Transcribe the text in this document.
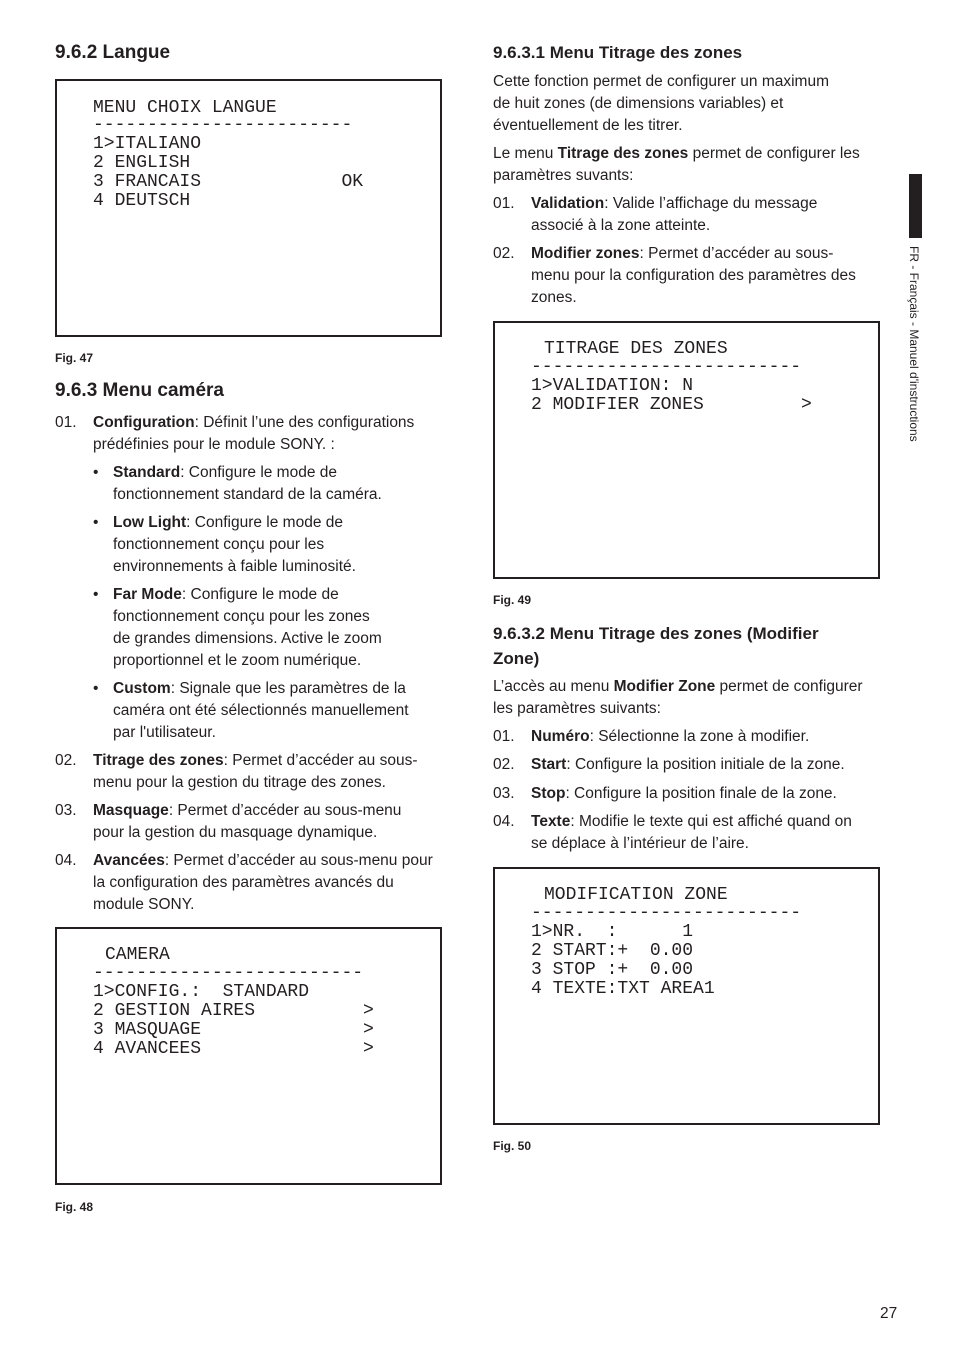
9.6.2 Langue
MENU CHOIX LANGUE
------------------------
1>ITALIANO
2 ENGLISH
3 FRANCAIS             OK
4 DEUTSCH
Fig. 47
9.6.3 Menu caméra
01. Configuration: Définit l’une des configurations
prédéfinies pour le module SONY. :
• Standard: Configure le mode de
fonctionnement standard de la caméra.
• Low Light: Configure le mode de
fonctionnement conçu pour les
environnements à faible luminosité.
• Far Mode: Configure le mode de
fonctionnement conçu pour les zones
de grandes dimensions. Active le zoom
proportionnel et le zoom numérique.
• Custom: Signale que les paramètres de la
caméra ont été sélectionnés manuellement
par l'utilisateur.
02. Titrage des zones: Permet d’accéder au sous-
menu pour la gestion du titrage des zones.
03. Masquage: Permet d’accéder au sous-menu
pour la gestion du masquage dynamique.
04. Avancées: Permet d’accéder au sous-menu pour
la configuration des paramètres avancés du
module SONY.
CAMERA
-------------------------
1>CONFIG.:  STANDARD
2 GESTION AIRES          >
3 MASQUAGE               >
4 AVANCEES               >
Fig. 48
9.6.3.1 Menu Titrage des zones

Cette fonction permet de configurer un maximum
de huit zones (de dimensions variables) et
éventuellement de les titrer.

Le menu Titrage des zones permet de configurer les
paramètres suvants:

01. Validation: Valide l’affichage du message
associé à la zone atteinte.
02. Modifier zones: Permet d’accéder au sous-
menu pour la configuration des paramètres des
zones.
TITRAGE DES ZONES
-------------------------
1>VALIDATION: N
2 MODIFIER ZONES         >
Fig. 49
9.6.3.2 Menu Titrage des zones (Modifier
Zone)

L’accès au menu Modifier Zone permet de configurer
les paramètres suivants:

01. Numéro: Sélectionne la zone à modifier.
02. Start: Configure la position initiale de la zone.
03. Stop: Configure la position finale de la zone.
04. Texte: Modifie le texte qui est affiché quand on
se déplace à l’intérieur de l’aire.
MODIFICATION ZONE
-------------------------
1>NR.  :      1
2 START:+  0.00
3 STOP :+  0.00
4 TEXTE:TXT AREA1
Fig. 50
FR - Français - Manuel d'instructions
27
